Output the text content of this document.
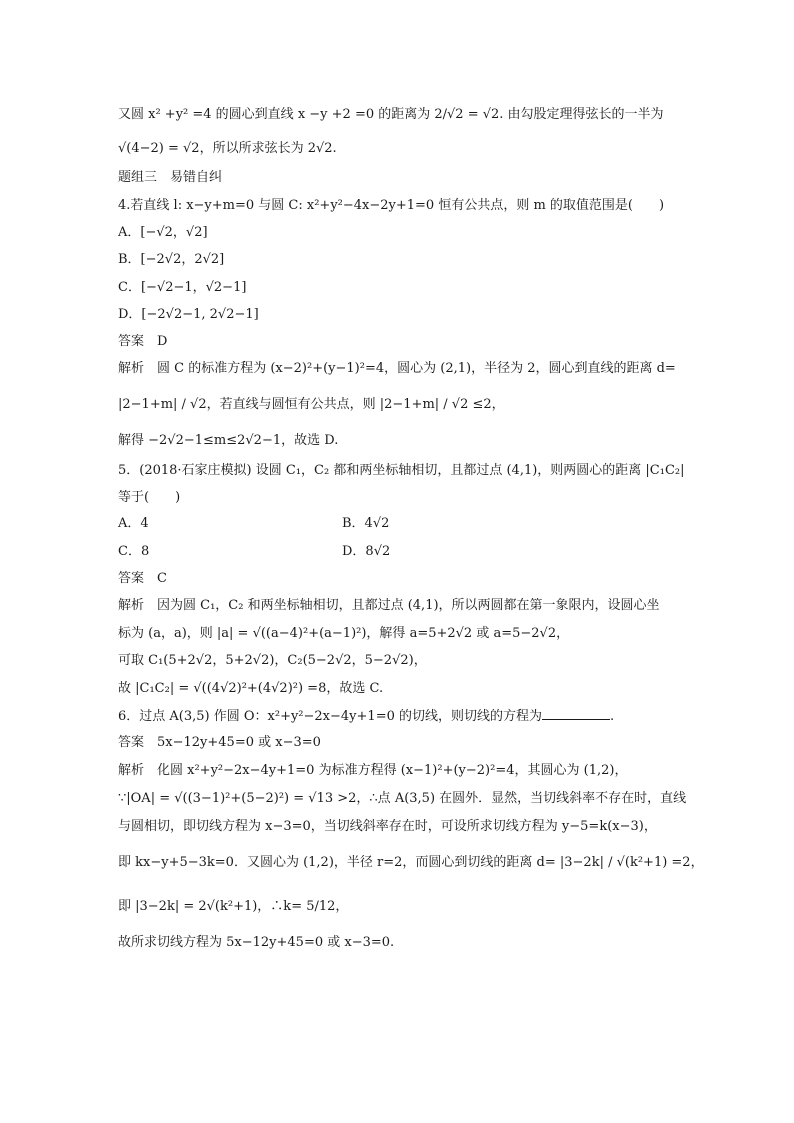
又圆 x² +y² =4 的圆心到直线 x −y +2 =0 的距离为 2/√2 = √2. 由勾股定理得弦长的一半为
√(4−2) = √2，所以所求弦长为 2√2.
题组三　易错自纠
4.若直线 l: x−y+m=0 与圆 C: x²+y²−4x−2y+1=0 恒有公共点，则 m 的取值范围是(　　)
A．[−√2，√2]
B．[−2√2，2√2]
C．[−√2−1，√2−1]
D．[−2√2−1, 2√2−1]
答案　D
解析　圆 C 的标准方程为 (x−2)²+(y−1)²=4，圆心为 (2,1)，半径为 2，圆心到直线的距离 d=
|2−1+m| / √2，若直线与圆恒有公共点，则 |2−1+m| / √2 ≤2，
解得 −2√2−1≤m≤2√2−1，故选 D.
5．(2018·石家庄模拟) 设圆 C₁，C₂ 都和两坐标轴相切，且都过点 (4,1)，则两圆心的距离 |C₁C₂|
等于(　　)
A．4	B．4√2
C．8	D．8√2
答案　C
解析　因为圆 C₁，C₂ 和两坐标轴相切，且都过点 (4,1)，所以两圆都在第一象限内，设圆心坐
标为 (a，a)，则 |a| = √((a−4)²+(a−1)²)，解得 a=5+2√2 或 a=5−2√2，
可取 C₁(5+2√2，5+2√2)，C₂(5−2√2，5−2√2)，
故 |C₁C₂| = √((4√2)²+(4√2)²) =8，故选 C.
6．过点 A(3,5) 作圆 O：x²+y²−2x−4y+1=0 的切线，则切线的方程为	.
答案　5x−12y+45=0 或 x−3=0
解析　化圆 x²+y²−2x−4y+1=0 为标准方程得 (x−1)²+(y−2)²=4，其圆心为 (1,2)，
∵|OA| = √((3−1)²+(5−2)²) = √13 >2，∴点 A(3,5) 在圆外．显然，当切线斜率不存在时，直线
与圆相切，即切线方程为 x−3=0，当切线斜率存在时，可设所求切线方程为 y−5=k(x−3)，
即 kx−y+5−3k=0．又圆心为 (1,2)，半径 r=2，而圆心到切线的距离 d= |3−2k| / √(k²+1) =2，
即 |3−2k| = 2√(k²+1)，∴k= 5/12，
故所求切线方程为 5x−12y+45=0 或 x−3=0.
